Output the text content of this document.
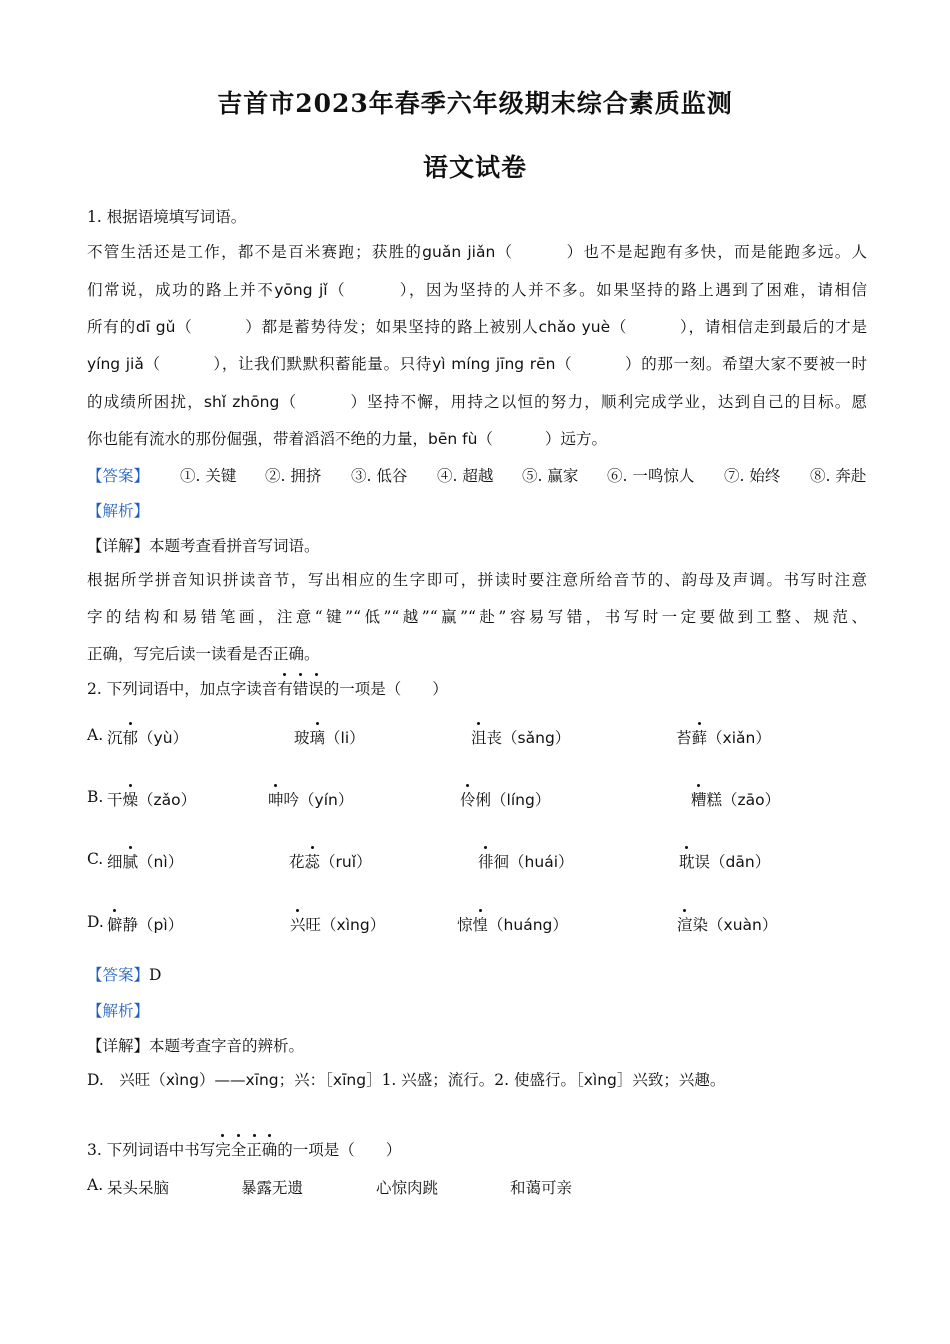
吉首市2023年春季六年级期末综合素质监测
语文试卷
1. 根据语境填写词语。
不管生活还是工作，都不是百米赛跑；获胜的guǎn jiǎn（	）也不是起跑有多快，而是能跑多远。人
们常说，成功的路上并不yōng jǐ（	），因为坚持的人并不多。如果坚持的路上遇到了困难，请相信
所有的dī gǔ（	）都是蓄势待发；如果坚持的路上被别人chǎo yuè（	），请相信走到最后的才是
yíng jiǎ（	），让我们默默积蓄能量。只待yì míng jīng rēn（	）的那一刻。希望大家不要被一时
的成绩所困扰，shǐ zhōng（	）坚持不懈，用持之以恒的努力，顺利完成学业，达到自己的目标。愿
你也能有流水的那份倔强，带着滔滔不绝的力量，bēn fù（	）远方。
【答案】 ①. 关键 ②. 拥挤 ③. 低谷 ④. 超越 ⑤. 赢家 ⑥. 一鸣惊人 ⑦. 始终 ⑧. 奔赴
【解析】
【详解】本题考查看拼音写词语。
根据所学拼音知识拼读音节，写出相应的生字即可，拼读时要注意所给音节的、韵母及声调。书写时注意
字的结构和易错笔画，注意“键”“低”“越”“赢”“赴”容易写错，书写时一定要做到工整、规范、
正确，写完后读一读看是否正确。
2. 下列词语中，加点字读音有错误的一项是（　　）
A. 沉郁（yù）	玻璃（li）	沮丧（sǎng）	苔藓（xiǎn）
B. 干燥（zǎo）	呻吟（yín）	伶俐（líng）	糟糕（zāo）
C. 细腻（nì）	花蕊（ruǐ）	徘徊（huái）	耽误（dān）
D. 僻静（pì）	兴旺（xìng）	惊惶（huáng）	渲染（xuàn）
【答案】D
【解析】
【详解】本题考查字音的辨析。
D.　兴旺（xìng）——xīng；兴：［xīng］1. 兴盛；流行。2. 使盛行。［xìng］兴致；兴趣。
3. 下列词语中书写完全正确的一项是（　　）
A. 呆头呆脑	暴露无遗	心惊肉跳	和蔼可亲
